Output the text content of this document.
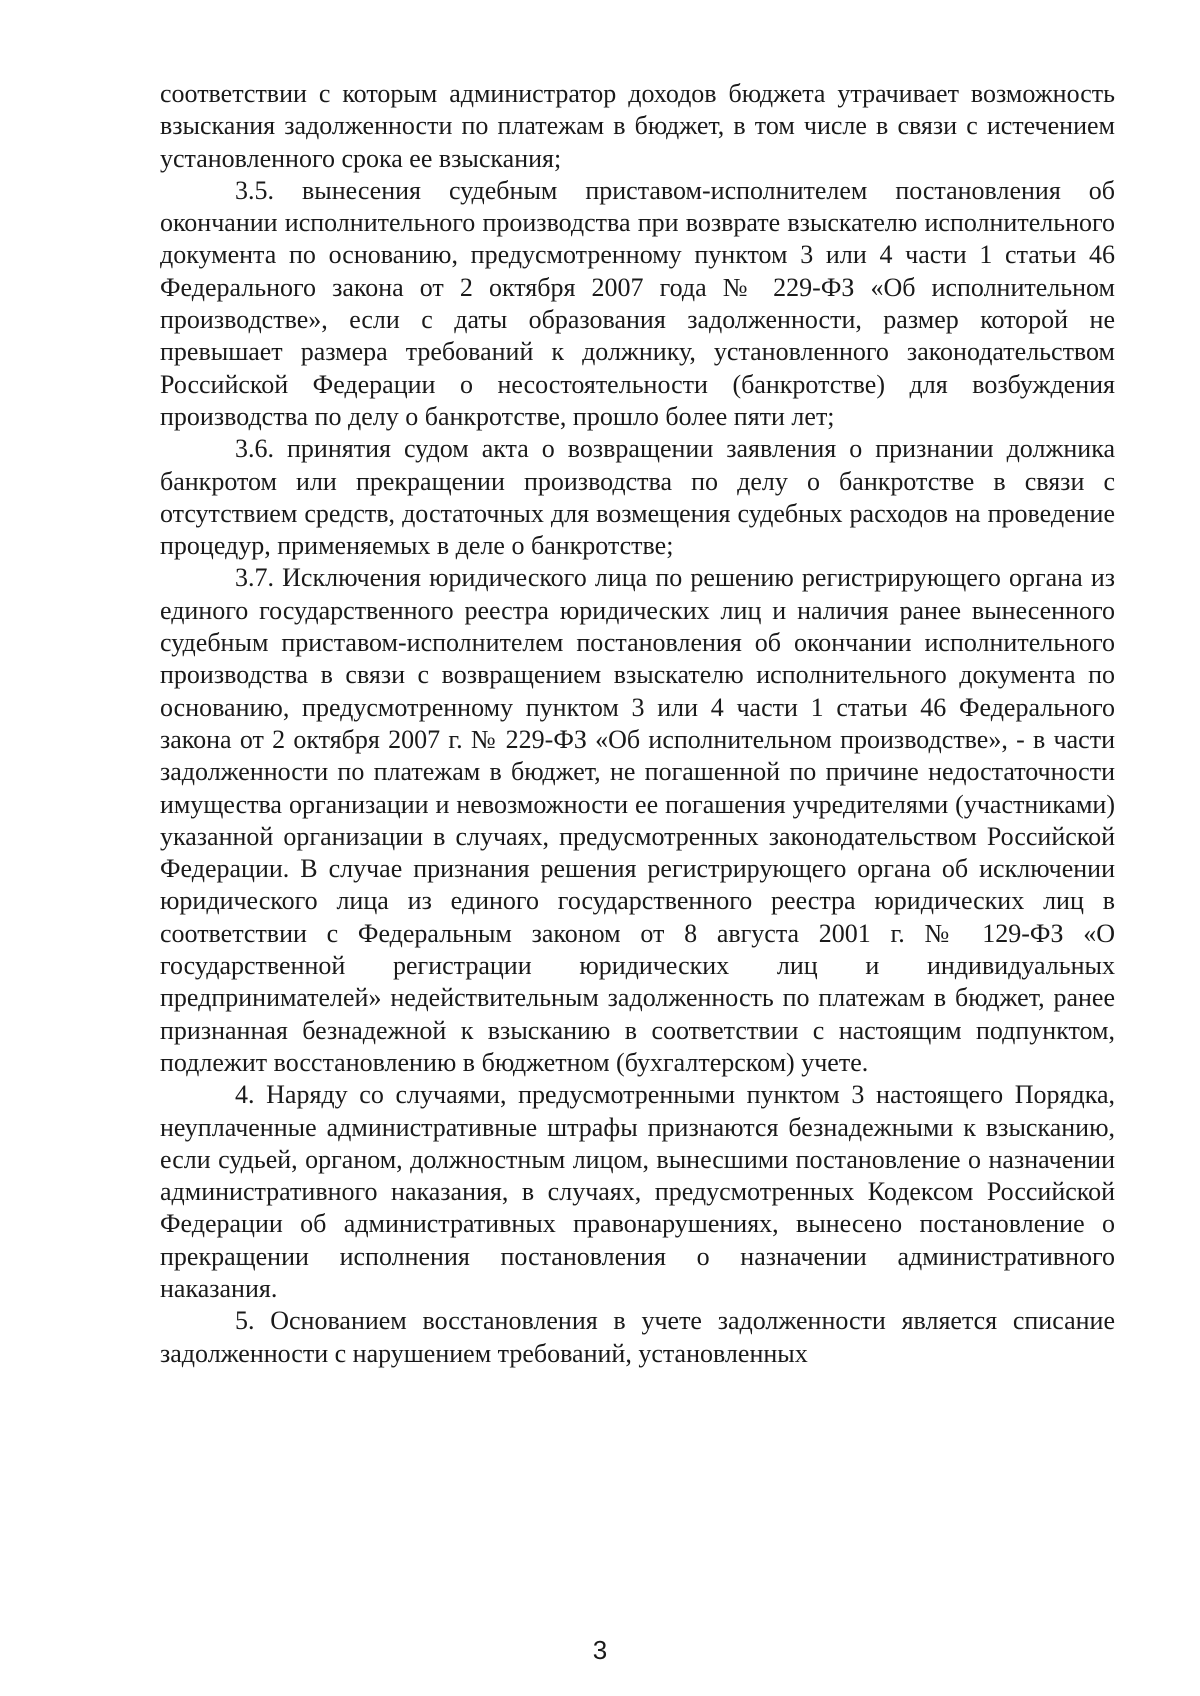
соответствии с которым администратор доходов бюджета утрачивает возможность взыскания задолженности по платежам в бюджет, в том числе в связи с истечением установленного срока ее взыскания;

3.5. вынесения судебным приставом-исполнителем постановления об окончании исполнительного производства при возврате взыскателю исполнительного документа по основанию, предусмотренному пунктом 3 или 4 части 1 статьи 46 Федерального закона от 2 октября 2007 года № 229-ФЗ «Об исполнительном производстве», если с даты образования задолженности, размер которой не превышает размера требований к должнику, установленного законодательством Российской Федерации о несостоятельности (банкротстве) для возбуждения производства по делу о банкротстве, прошло более пяти лет;

3.6. принятия судом акта о возвращении заявления о признании должника банкротом или прекращении производства по делу о банкротстве в связи с отсутствием средств, достаточных для возмещения судебных расходов на проведение процедур, применяемых в деле о банкротстве;

3.7. Исключения юридического лица по решению регистрирующего органа из единого государственного реестра юридических лиц и наличия ранее вынесенного судебным приставом-исполнителем постановления об окончании исполнительного производства в связи с возвращением взыскателю исполнительного документа по основанию, предусмотренному пунктом 3 или 4 части 1 статьи 46 Федерального закона от 2 октября 2007 г. № 229-ФЗ «Об исполнительном производстве», - в части задолженности по платежам в бюджет, не погашенной по причине недостаточности имущества организации и невозможности ее погашения учредителями (участниками) указанной организации в случаях, предусмотренных законодательством Российской Федерации. В случае признания решения регистрирующего органа об исключении юридического лица из единого государственного реестра юридических лиц в соответствии с Федеральным законом от 8 августа 2001 г. № 129-ФЗ «О государственной регистрации юридических лиц и индивидуальных предпринимателей» недействительным задолженность по платежам в бюджет, ранее признанная безнадежной к взысканию в соответствии с настоящим подпунктом, подлежит восстановлению в бюджетном (бухгалтерском) учете.

4. Наряду со случаями, предусмотренными пунктом 3 настоящего Порядка, неуплаченные административные штрафы признаются безнадежными к взысканию, если судьей, органом, должностным лицом, вынесшими постановление о назначении административного наказания, в случаях, предусмотренных Кодексом Российской Федерации об административных правонарушениях, вынесено постановление о прекращении исполнения постановления о назначении административного наказания.

5. Основанием восстановления в учете задолженности является списание задолженности с нарушением требований, установленных

3
